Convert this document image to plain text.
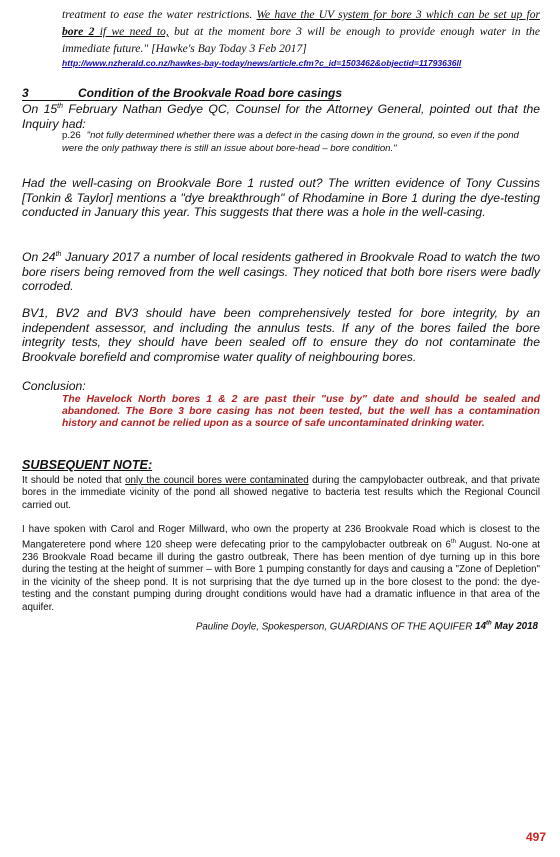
treatment to ease the water restrictions. We have the UV system for bore 3 which can be set up for bore 2 if we need to, but at the moment bore 3 will be enough to provide enough water in the immediate future." [Hawke's Bay Today 3 Feb 2017]
http://www.nzherald.co.nz/hawkes-bay-today/news/article.cfm?c_id=1503462&objectid=11793636ll
3	Condition of the Brookvale Road bore casings
On 15th February Nathan Gedye QC, Counsel for the Attorney General, pointed out that the Inquiry had:
p.26 "not fully determined whether there was a defect in the casing down in the ground, so even if the pond were the only pathway there is still an issue about bore-head – bore condition."
Had the well-casing on Brookvale Bore 1 rusted out? The written evidence of Tony Cussins [Tonkin & Taylor] mentions a "dye breakthrough" of Rhodamine in Bore 1 during the dye-testing conducted in January this year. This suggests that there was a hole in the well-casing.
On 24th January 2017 a number of local residents gathered in Brookvale Road to watch the two bore risers being removed from the well casings. They noticed that both bore risers were badly corroded.
BV1, BV2 and BV3 should have been comprehensively tested for bore integrity, by an independent assessor, and including the annulus tests. If any of the bores failed the bore integrity tests, they should have been sealed off to ensure they do not contaminate the Brookvale borefield and compromise water quality of neighbouring bores.
Conclusion:
The Havelock North bores 1 & 2 are past their "use by" date and should be sealed and abandoned. The Bore 3 bore casing has not been tested, but the well has a contamination history and cannot be relied upon as a source of safe uncontaminated drinking water.
SUBSEQUENT NOTE:
It should be noted that only the council bores were contaminated during the campylobacter outbreak, and that private bores in the immediate vicinity of the pond all showed negative to bacteria test results which the Regional Council carried out.
I have spoken with Carol and Roger Millward, who own the property at 236 Brookvale Road which is closest to the Mangateretere pond where 120 sheep were defecating prior to the campylobacter outbreak on 6th August. No-one at 236 Brookvale Road became ill during the gastro outbreak, There has been mention of dye turning up in this bore during the testing at the height of summer – with Bore 1 pumping constantly for days and causing a "Zone of Depletion" in the vicinity of the sheep pond. It is not surprising that the dye turned up in the bore closest to the pond: the dye-testing and the constant pumping during drought conditions would have had a dramatic influence in that area of the aquifer.
Pauline Doyle, Spokesperson, GUARDIANS OF THE AQUIFER 14th May 2018
497
